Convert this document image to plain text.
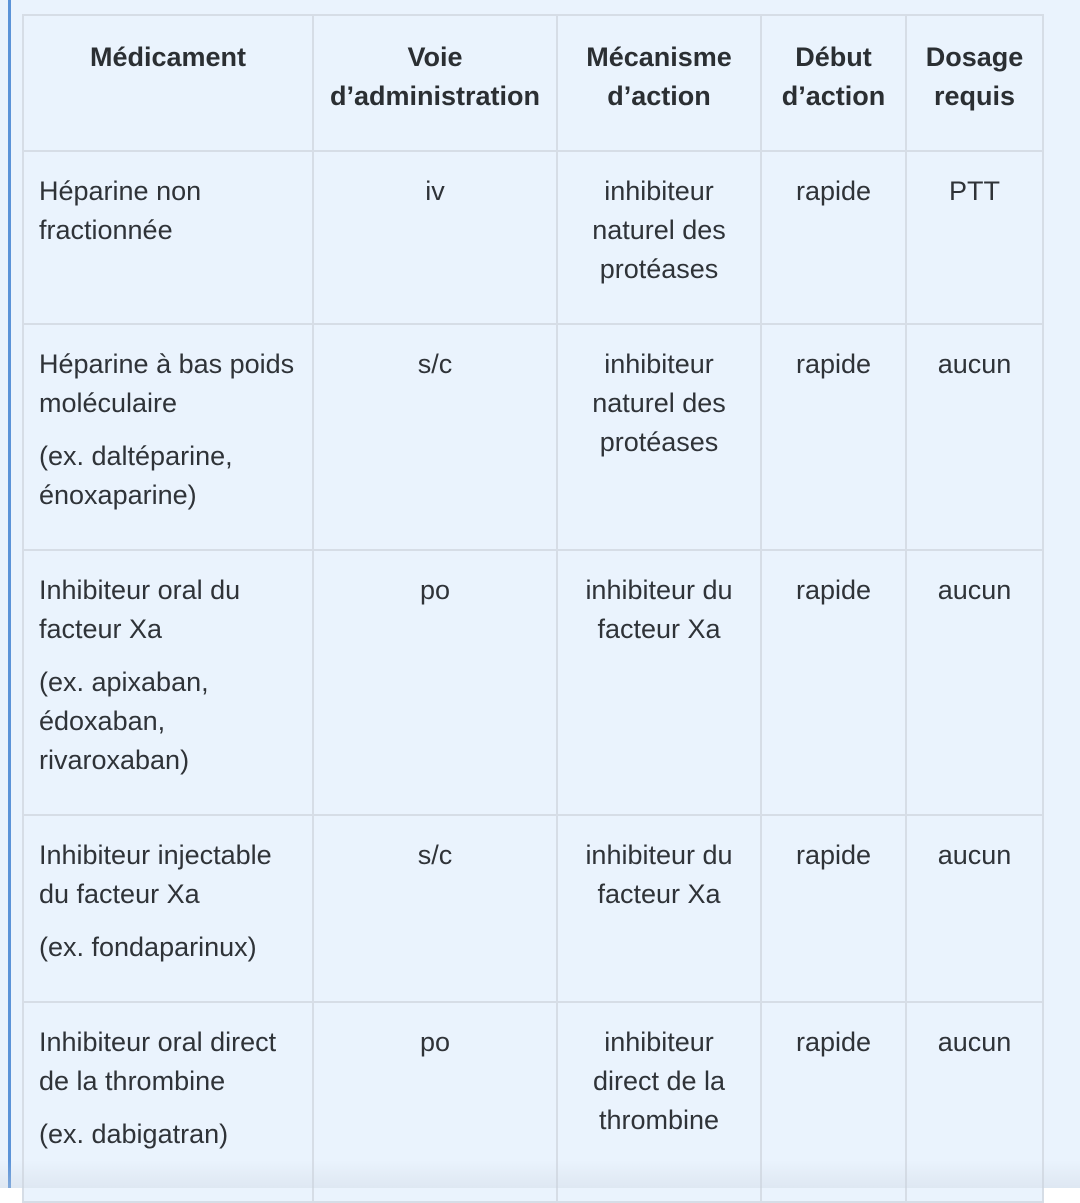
Médicament	Voie d’administration	Mécanisme d’action	Début d’action	Dosage requis

Héparine non fractionnée	iv	inhibiteur naturel des protéases	rapide	PTT

Héparine à bas poids moléculaire
(ex. daltéparine, énoxaparine)	s/c	inhibiteur naturel des protéases	rapide	aucun

Inhibiteur oral du facteur Xa
(ex. apixaban, édoxaban, rivaroxaban)	po	inhibiteur du facteur Xa	rapide	aucun

Inhibiteur injectable du facteur Xa
(ex. fondaparinux)	s/c	inhibiteur du facteur Xa	rapide	aucun

Inhibiteur oral direct de la thrombine
(ex. dabigatran)	po	inhibiteur direct de la thrombine	rapide	aucun
